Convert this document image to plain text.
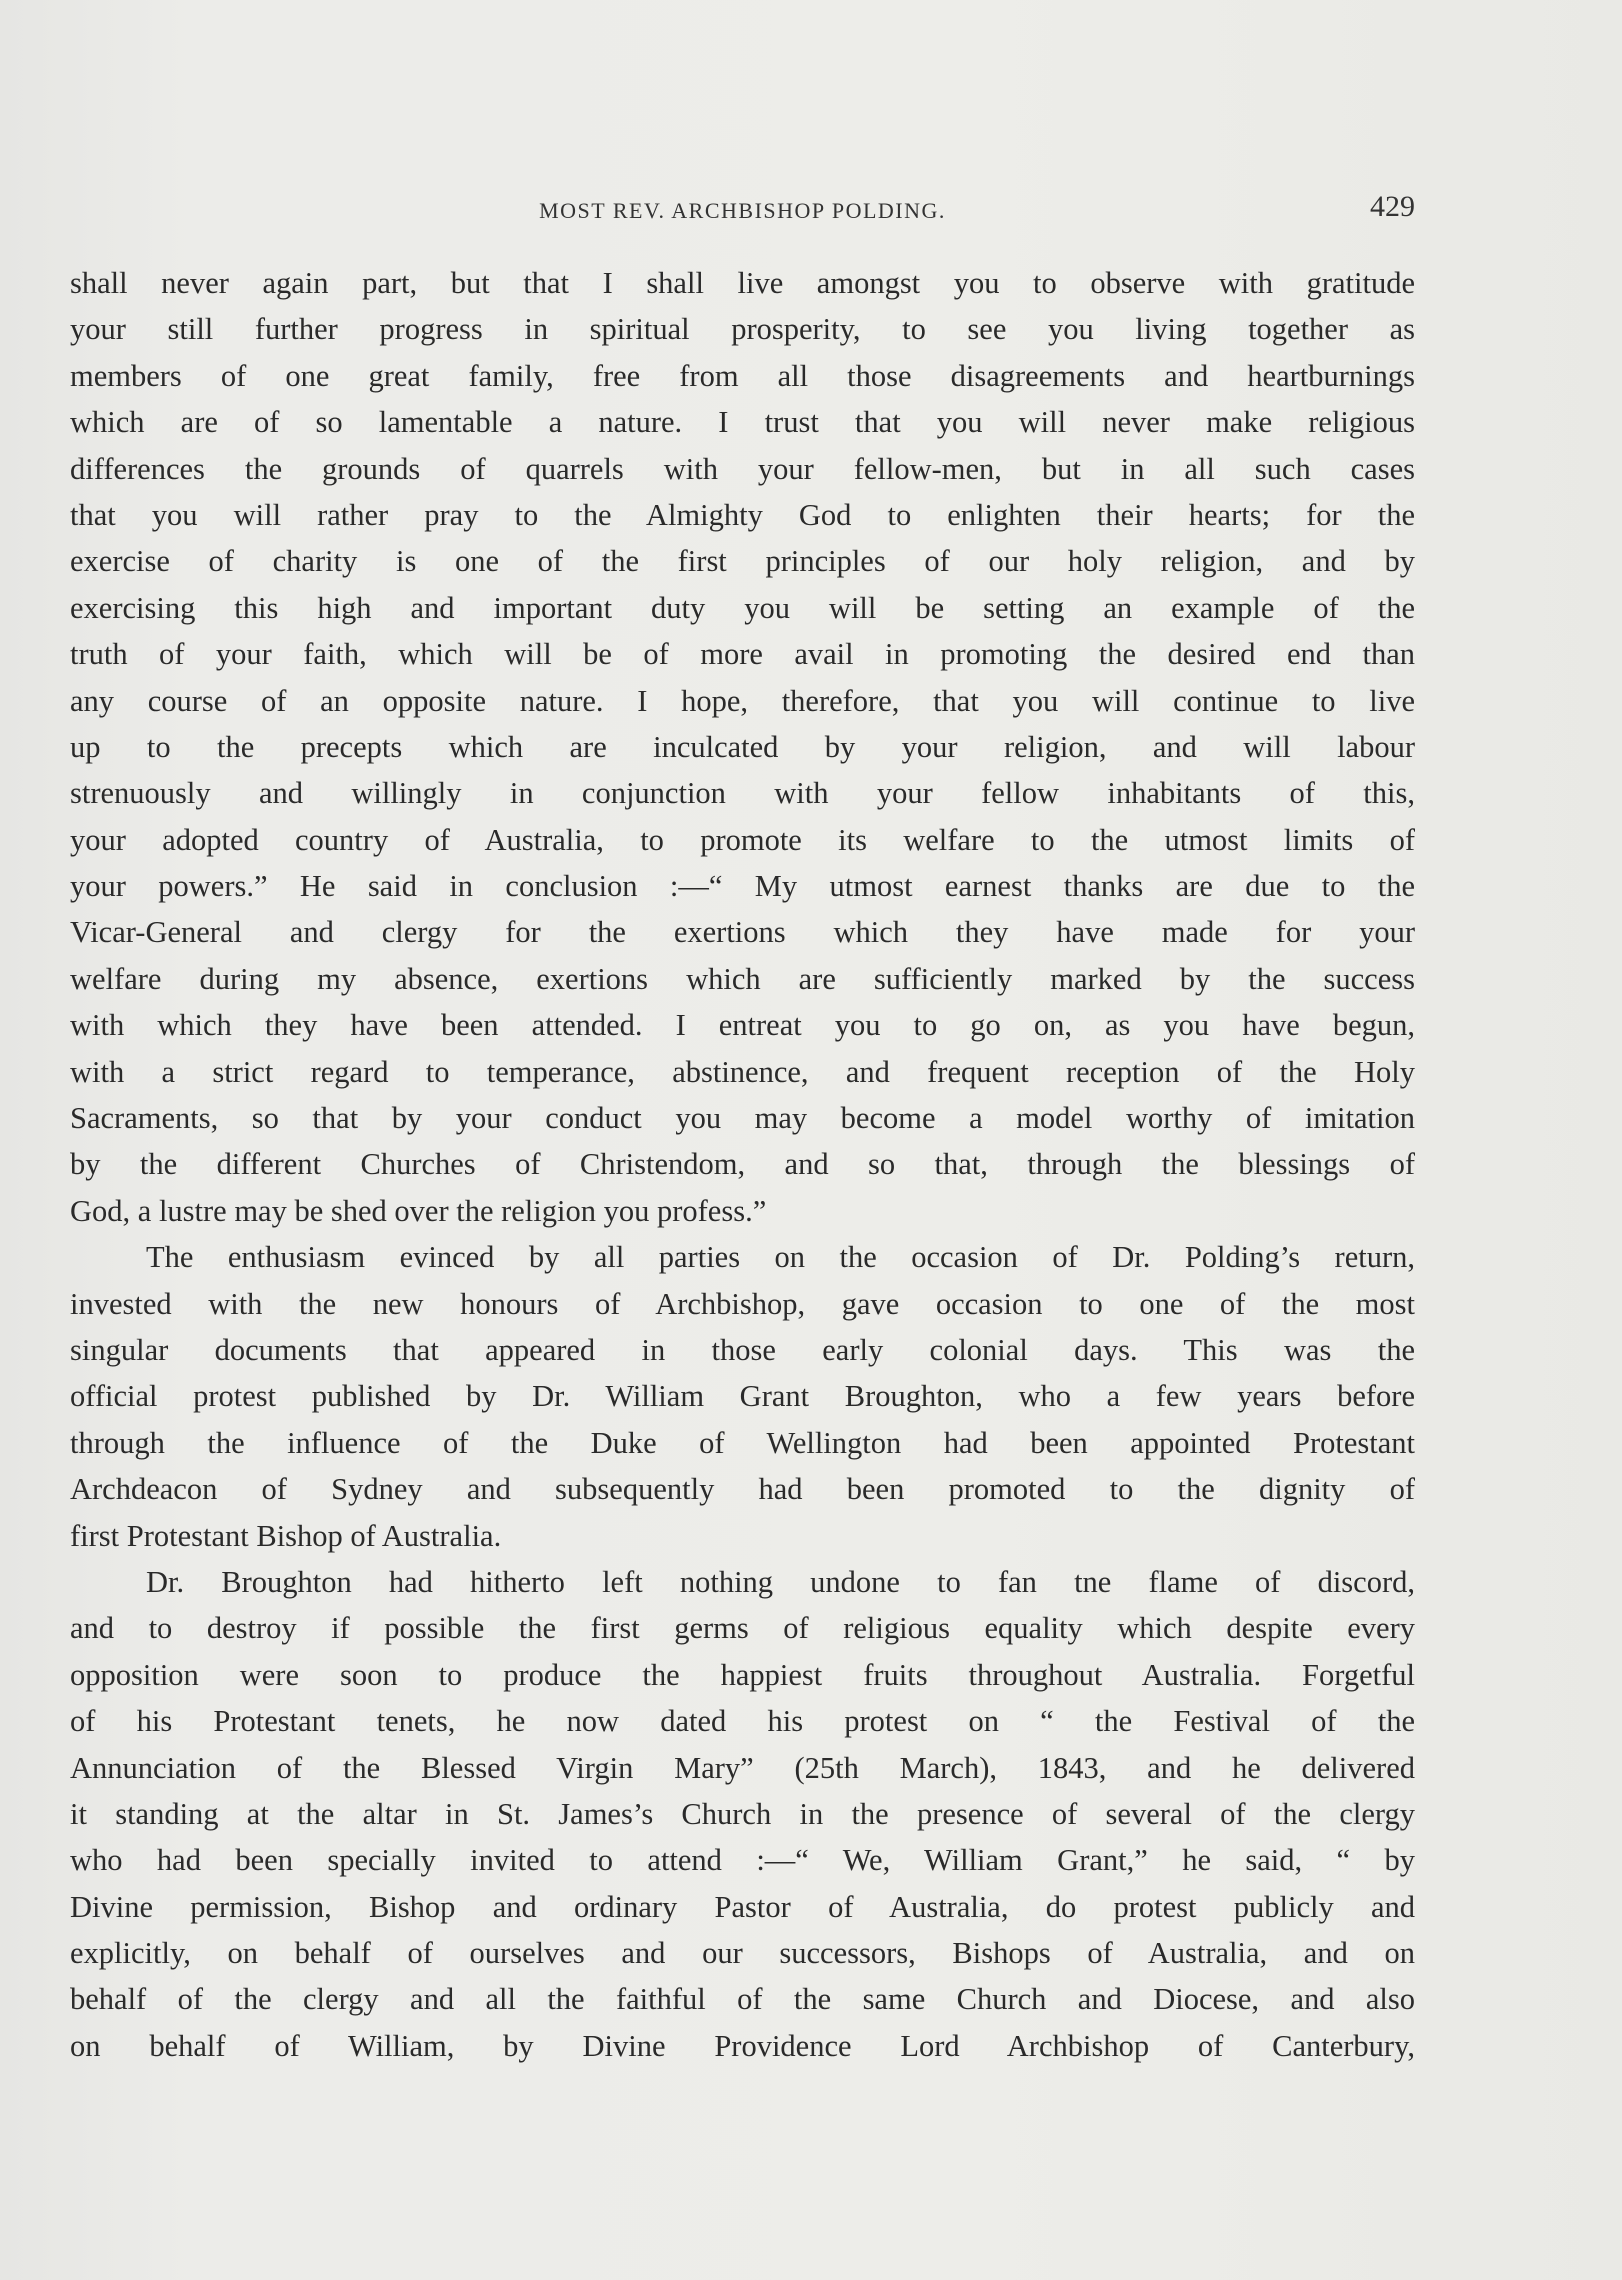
MOST REV. ARCHBISHOP POLDING.	429
shall never again part, but that I shall live amongst you to observe with gratitude
your still further progress in spiritual prosperity, to see you living together as
members of one great family, free from all those disagreements and heartburnings
which are of so lamentable a nature. I trust that you will never make religious
differences the grounds of quarrels with your fellow-men, but in all such cases
that you will rather pray to the Almighty God to enlighten their hearts; for the
exercise of charity is one of the first principles of our holy religion, and by
exercising this high and important duty you will be setting an example of the
truth of your faith, which will be of more avail in promoting the desired end than
any course of an opposite nature. I hope, therefore, that you will continue to live
up to the precepts which are inculcated by your religion, and will labour
strenuously and willingly in conjunction with your fellow inhabitants of this,
your adopted country of Australia, to promote its welfare to the utmost limits of
your powers.” He said in conclusion :—“ My utmost earnest thanks are due to the
Vicar-General and clergy for the exertions which they have made for your
welfare during my absence, exertions which are sufficiently marked by the success
with which they have been attended. I entreat you to go on, as you have begun,
with a strict regard to temperance, abstinence, and frequent reception of the Holy
Sacraments, so that by your conduct you may become a model worthy of imitation
by the different Churches of Christendom, and so that, through the blessings of
God, a lustre may be shed over the religion you profess.”
The enthusiasm evinced by all parties on the occasion of Dr. Polding’s return,
invested with the new honours of Archbishop, gave occasion to one of the most
singular documents that appeared in those early colonial days. This was the
official protest published by Dr. William Grant Broughton, who a few years before
through the influence of the Duke of Wellington had been appointed Protestant
Archdeacon of Sydney and subsequently had been promoted to the dignity of
first Protestant Bishop of Australia.
Dr. Broughton had hitherto left nothing undone to fan tne flame of discord,
and to destroy if possible the first germs of religious equality which despite every
opposition were soon to produce the happiest fruits throughout Australia. Forgetful
of his Protestant tenets, he now dated his protest on “ the Festival of the
Annunciation of the Blessed Virgin Mary” (25th March), 1843, and he delivered
it standing at the altar in St. James’s Church in the presence of several of the clergy
who had been specially invited to attend :—“ We, William Grant,” he said, “ by
Divine permission, Bishop and ordinary Pastor of Australia, do protest publicly and
explicitly, on behalf of ourselves and our successors, Bishops of Australia, and on
behalf of the clergy and all the faithful of the same Church and Diocese, and also
on behalf of William, by Divine Providence Lord Archbishop of Canterbury,
